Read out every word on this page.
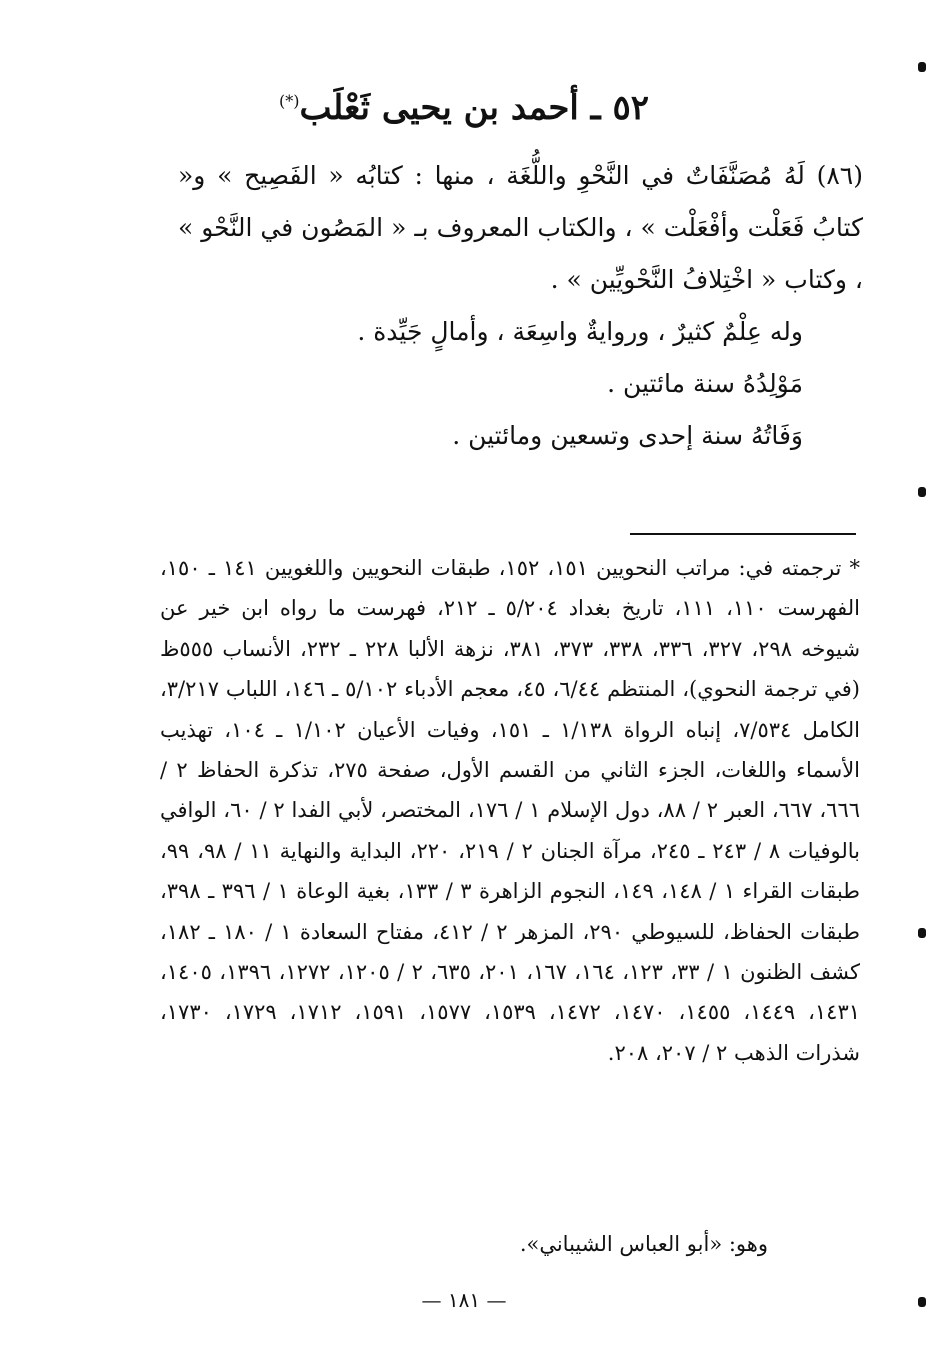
٥٢ ـ أحمد بن يحيى ثَعْلَب(*)

(٨٦) لَهُ مُصَنَّفَاتٌ في النَّحْوِ واللُّغَة ، منها : كتابُه « الفَصِيح » و« كتابُ فَعَلْت وأفْعَلْت » ، والكتاب المعروف بـ « المَصُون في النَّحْو » ، وكتاب « اخْتِلافُ النَّحْويِّين » .

وله عِلْمٌ كثيرٌ ، وروايةٌ واسِعَة ، وأمالٍ جَيِّدة .

مَوْلِدُهُ سنة مائتين .

وَفَاتُهُ سنة إحدى وتسعين ومائتين .

* ترجمته في: مراتب النحويين ١٥١، ١٥٢، طبقات النحويين واللغويين ١٤١ ـ ١٥٠، الفهرست ١١٠، ١١١، تاريخ بغداد ٥/٢٠٤ ـ ٢١٢، فهرست ما رواه ابن خير عن شيوخه ٢٩٨، ٣٢٧، ٣٣٦، ٣٣٨، ٣٧٣، ٣٨١، نزهة الألبا ٢٢٨ ـ ٢٣٢، الأنساب ٥٥٥ظ (في ترجمة النحوي)، المنتظم ٦/٤٤، ٤٥، معجم الأدباء ٥/١٠٢ ـ ١٤٦، اللباب ٣/٢١٧، الكامل ٧/٥٣٤، إنباه الرواة ١/١٣٨ ـ ١٥١، وفيات الأعيان ١/١٠٢ ـ ١٠٤، تهذيب الأسماء واللغات، الجزء الثاني من القسم الأول، صفحة ٢٧٥، تذكرة الحفاظ ٢ / ٦٦٦، ٦٦٧، العبر ٢ / ٨٨، دول الإسلام ١ / ١٧٦، المختصر، لأبي الفدا ٢ / ٦٠، الوافي بالوفيات ٨ / ٢٤٣ ـ ٢٤٥، مرآة الجنان ٢ / ٢١٩، ٢٢٠، البداية والنهاية ١١ / ٩٨، ٩٩، طبقات القراء ١ / ١٤٨، ١٤٩، النجوم الزاهرة ٣ / ١٣٣، بغية الوعاة ١ / ٣٩٦ ـ ٣٩٨، طبقات الحفاظ، للسيوطي ٢٩٠، المزهر ٢ / ٤١٢، مفتاح السعادة ١ / ١٨٠ ـ ١٨٢، كشف الظنون ١ / ٣٣، ١٢٣، ١٦٤، ١٦٧، ٢٠١، ٦٣٥، ٢ / ١٢٠٥، ١٢٧٢، ١٣٩٦، ١٤٠٥، ١٤٣١، ١٤٤٩، ١٤٥٥، ١٤٧٠، ١٤٧٢، ١٥٣٩، ١٥٧٧، ١٥٩١، ١٧١٢، ١٧٢٩، ١٧٣٠، شذرات الذهب ٢ / ٢٠٧، ٢٠٨.

وهو: «أبو العباس الشيباني».
— ١٨١ —
